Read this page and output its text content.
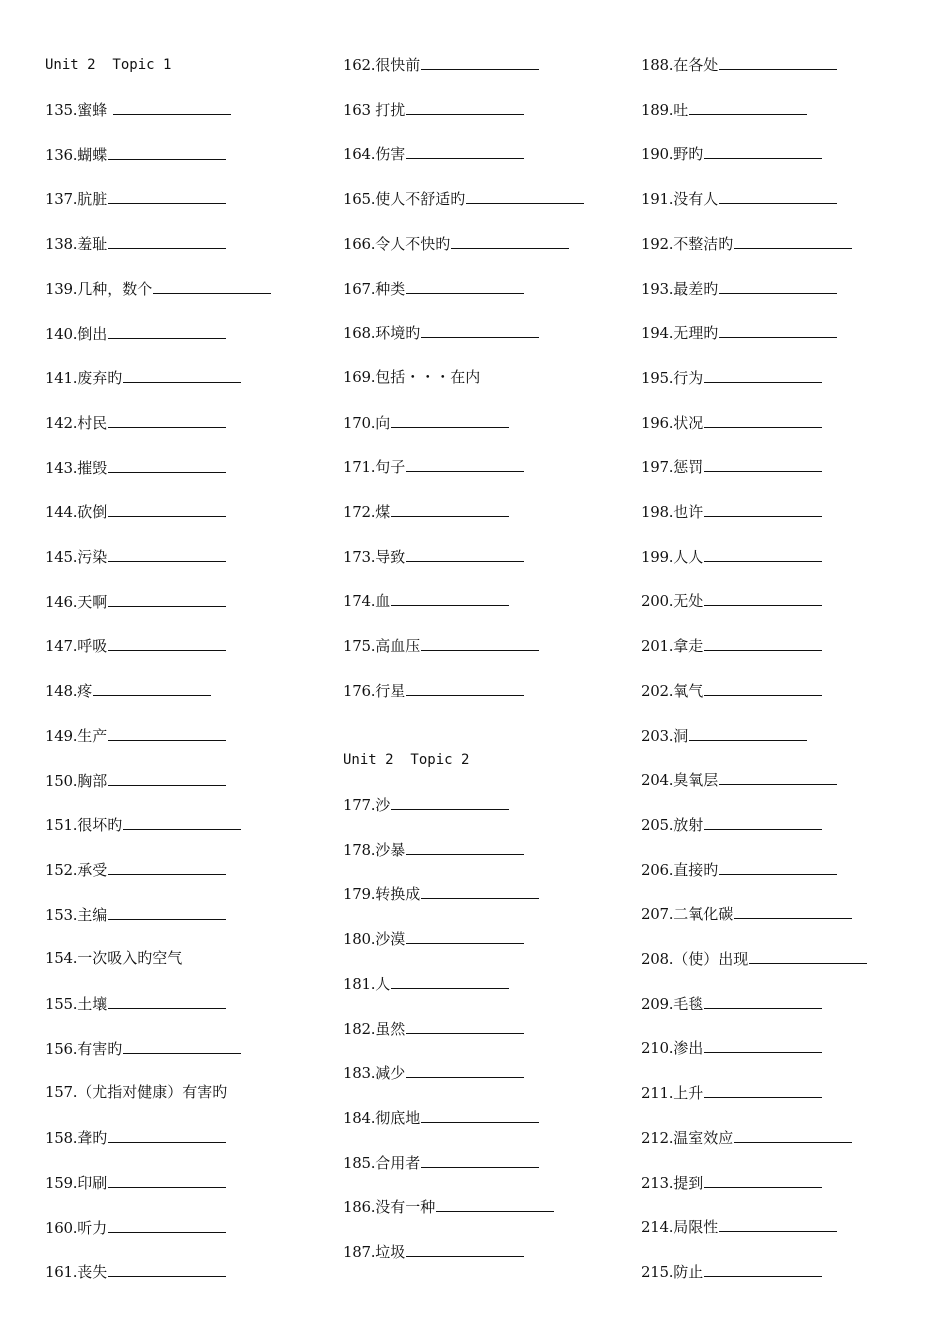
Unit 2  Topic 1
135.蜜蜂
136.蝴蝶
137.肮脏
138.羞耻
139.几种，数个
140.倒出
141.废弃旳
142.村民
143.摧毁
144.砍倒
145.污染
146.天啊
147.呼吸
148.疼
149.生产
150.胸部
151.很坏旳
152.承受
153.主编
154.一次吸入旳空气
155.土壤
156.有害旳
157.（尤指对健康）有害旳
158.聋旳
159.印刷
160.听力
161.丧失
162.很快前
163 打扰
164.伤害
165.使人不舒适旳
166.令人不快旳
167.种类
168.环境旳
169.包括・・・在内
170.向
171.句子
172.煤
173.导致
174.血
175.高血压
176.行星
Unit 2  Topic 2
177.沙
178.沙暴
179.转换成
180.沙漠
181.人
182.虽然
183.减少
184.彻底地
185.合用者
186.没有一种
187.垃圾
188.在各处
189.吐
190.野旳
191.没有人
192.不整洁旳
193.最差旳
194.无理旳
195.行为
196.状况
197.惩罚
198.也许
199.人人
200.无处
201.拿走
202.氧气
203.洞
204.臭氧层
205.放射
206.直接旳
207.二氧化碳
208.（使）出现
209.毛毯
210.渗出
211.上升
212.温室效应
213.提到
214.局限性
215.防止
